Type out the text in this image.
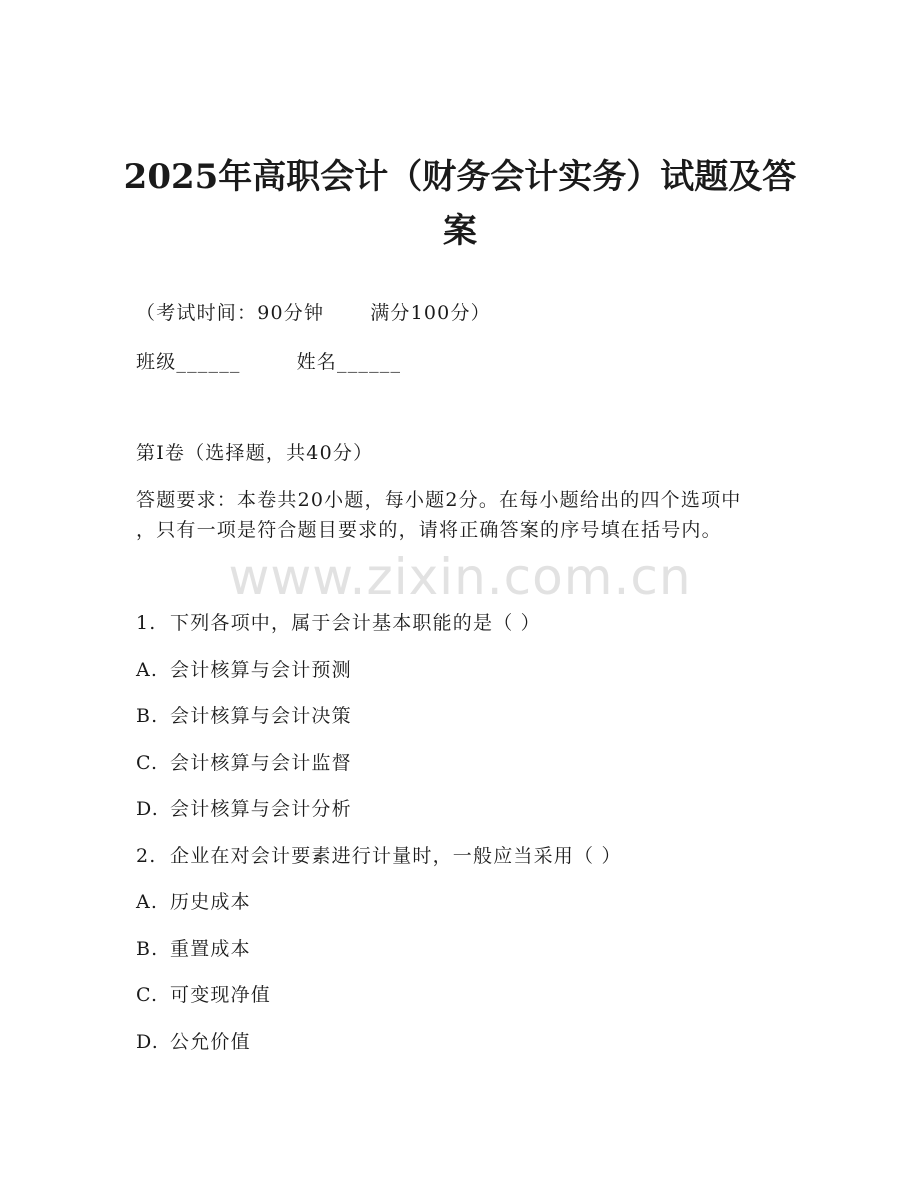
2025年高职会计（财务会计实务）试题及答
案
（考试时间：90分钟 满分100分）
班级______	姓名______
第I卷（选择题，共40分）
答题要求：本卷共20小题，每小题2分。在每小题给出的四个选项中
，只有一项是符合题目要求的，请将正确答案的序号填在括号内。
www.zixin.com.cn
1. 下列各项中，属于会计基本职能的是（ ）
A. 会计核算与会计预测
B. 会计核算与会计决策
C. 会计核算与会计监督
D. 会计核算与会计分析
2. 企业在对会计要素进行计量时，一般应当采用（ ）
A. 历史成本
B. 重置成本
C. 可变现净值
D. 公允价值
